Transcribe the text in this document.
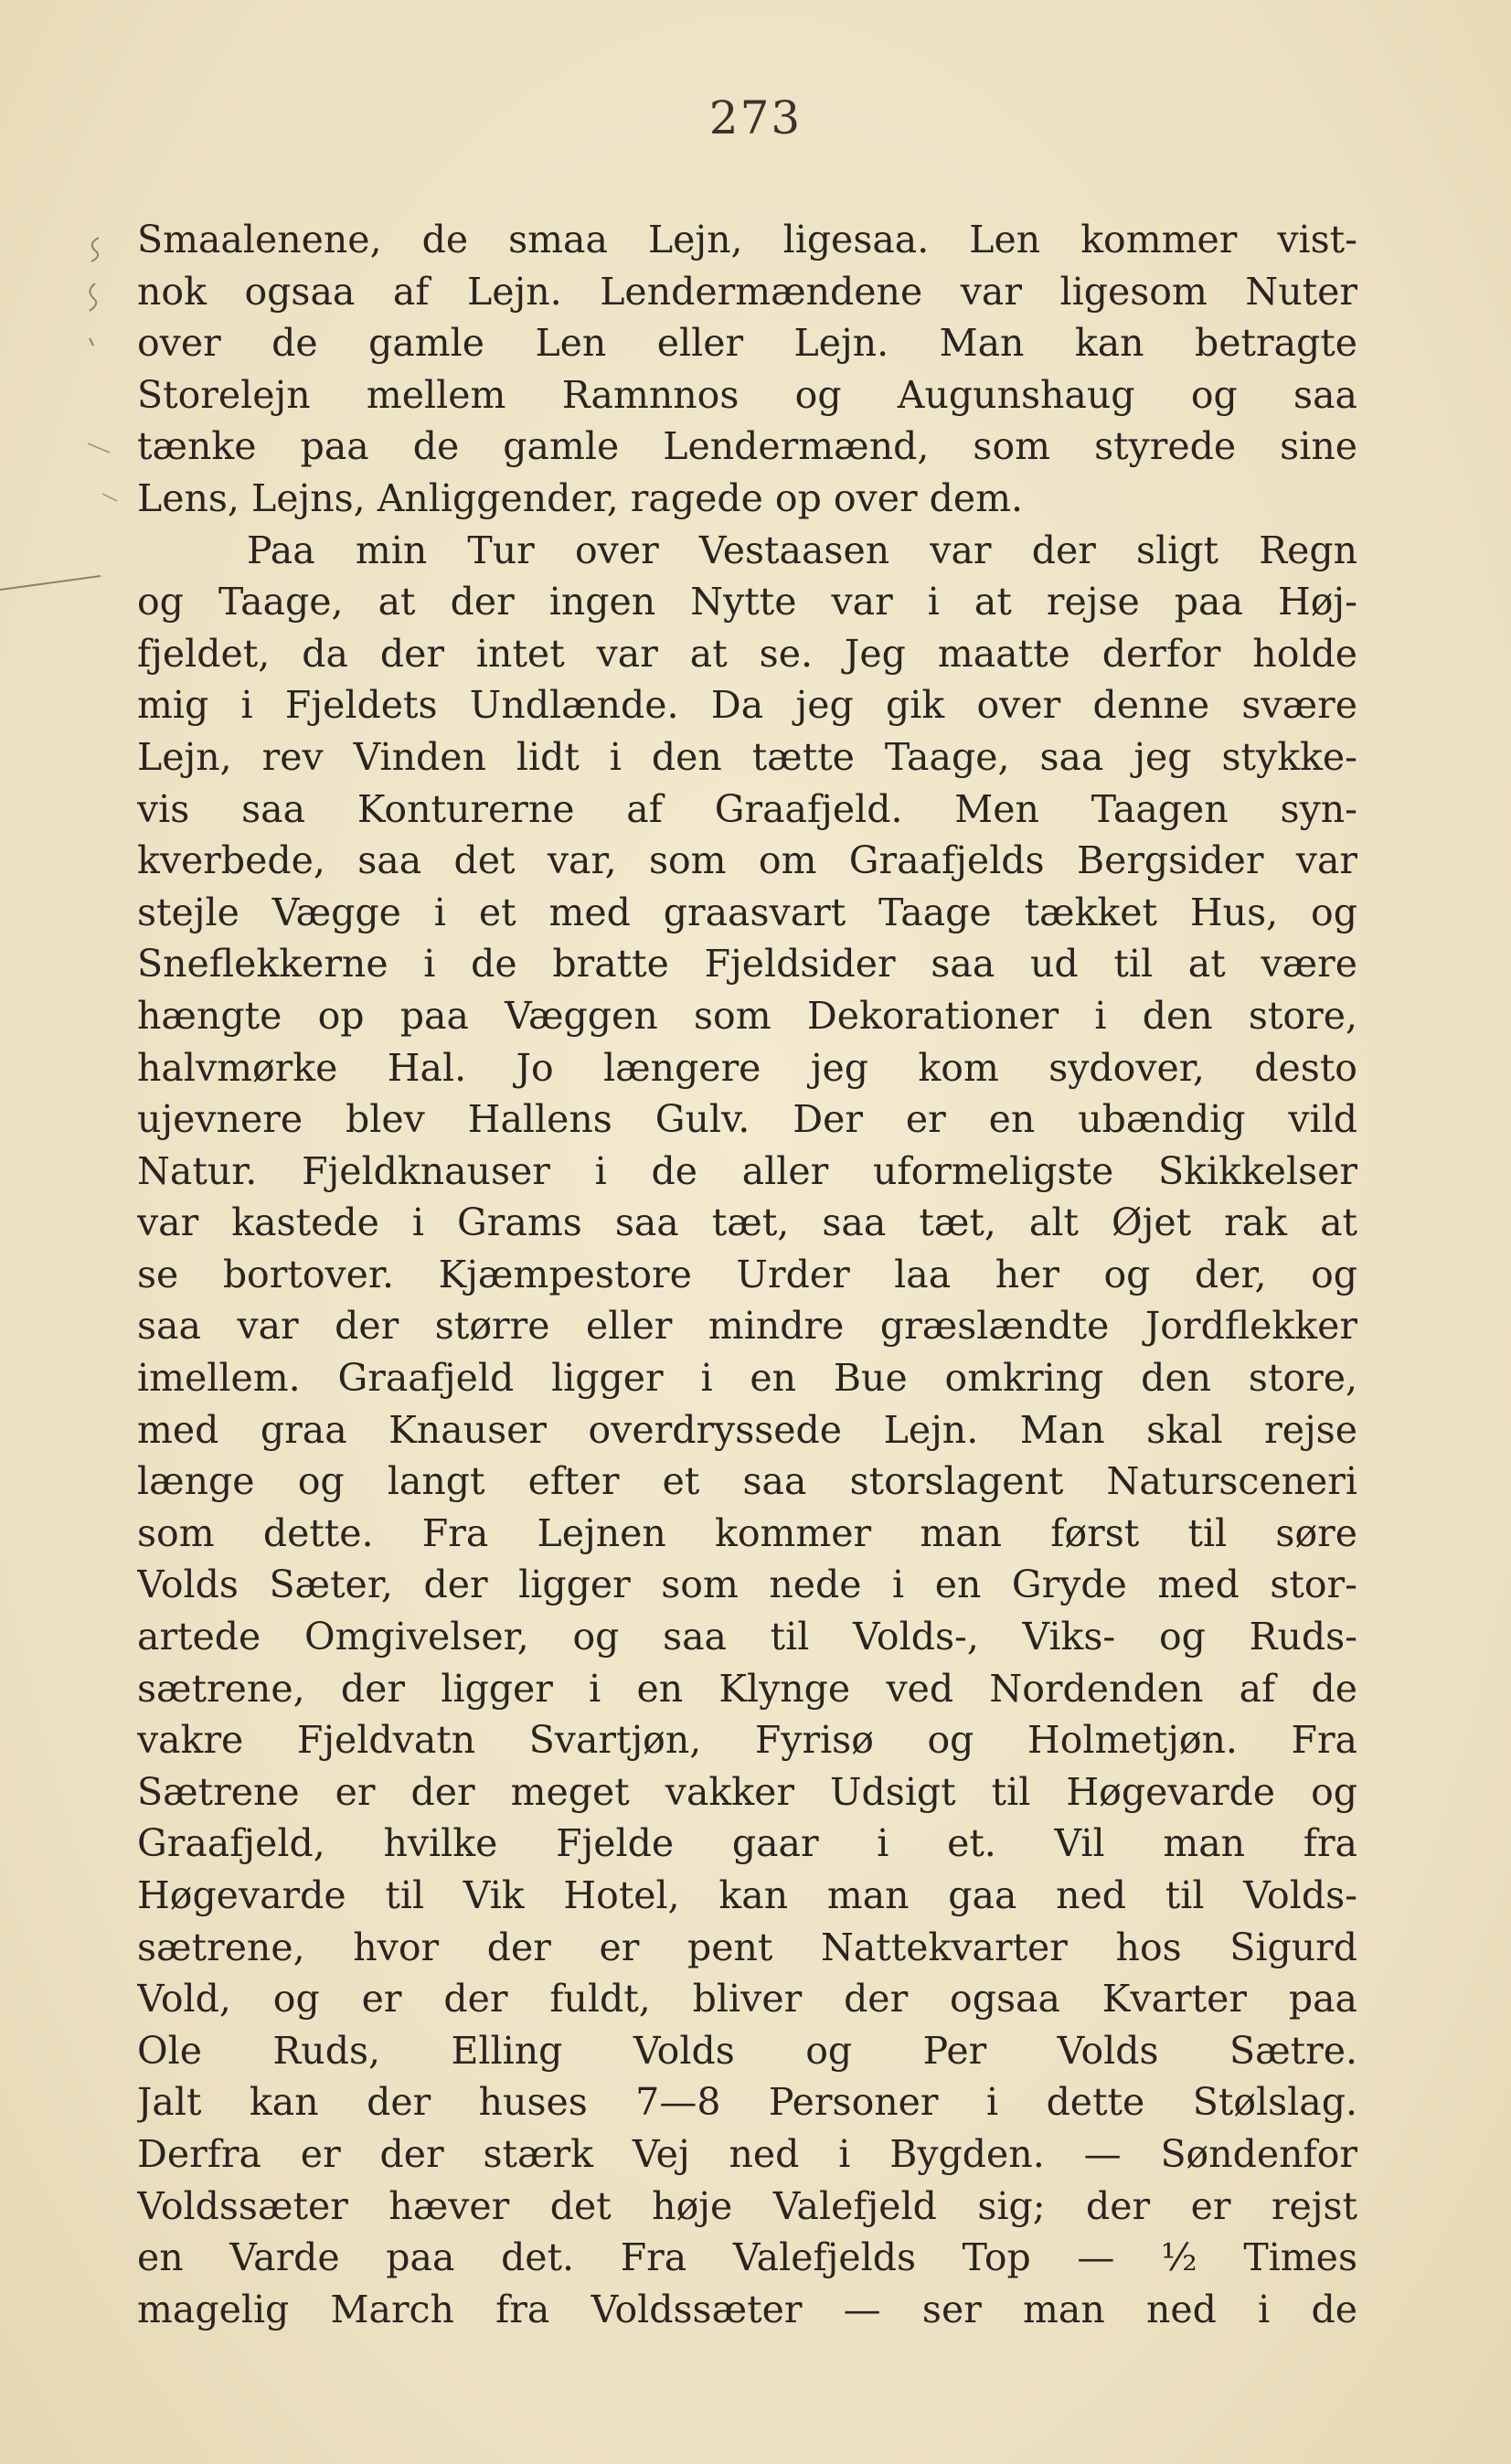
273
Smaalenene, de smaa Lejn, ligesaa. Len kommer vist-
nok ogsaa af Lejn. Lendermændene var ligesom Nuter
over de gamle Len eller Lejn. Man kan betragte
Storelejn mellem Ramnnos og Augunshaug og saa
tænke paa de gamle Lendermænd, som styrede sine
Lens, Lejns, Anliggender, ragede op over dem.
Paa min Tur over Vestaasen var der sligt Regn
og Taage, at der ingen Nytte var i at rejse paa Høj-
fjeldet, da der intet var at se. Jeg maatte derfor holde
mig i Fjeldets Undlænde. Da jeg gik over denne svære
Lejn, rev Vinden lidt i den tætte Taage, saa jeg stykke-
vis saa Konturerne af Graafjeld. Men Taagen syn-
kverbede, saa det var, som om Graafjelds Bergsider var
stejle Vægge i et med graasvart Taage tækket Hus, og
Sneflekkerne i de bratte Fjeldsider saa ud til at være
hængte op paa Væggen som Dekorationer i den store,
halvmørke Hal. Jo længere jeg kom sydover, desto
ujevnere blev Hallens Gulv. Der er en ubændig vild
Natur. Fjeldknauser i de aller uformeligste Skikkelser
var kastede i Grams saa tæt, saa tæt, alt Øjet rak at
se bortover. Kjæmpestore Urder laa her og der, og
saa var der større eller mindre græslændte Jordflekker
imellem. Graafjeld ligger i en Bue omkring den store,
med graa Knauser overdryssede Lejn. Man skal rejse
længe og langt efter et saa storslagent Natursceneri
som dette. Fra Lejnen kommer man først til søre
Volds Sæter, der ligger som nede i en Gryde med stor-
artede Omgivelser, og saa til Volds-, Viks- og Ruds-
sætrene, der ligger i en Klynge ved Nordenden af de
vakre Fjeldvatn Svartjøn, Fyrisø og Holmetjøn. Fra
Sætrene er der meget vakker Udsigt til Høgevarde og
Graafjeld, hvilke Fjelde gaar i et. Vil man fra
Høgevarde til Vik Hotel, kan man gaa ned til Volds-
sætrene, hvor der er pent Nattekvarter hos Sigurd
Vold, og er der fuldt, bliver der ogsaa Kvarter paa
Ole Ruds, Elling Volds og Per Volds Sætre.
Jalt kan der huses 7—8 Personer i dette Stølslag.
Derfra er der stærk Vej ned i Bygden. — Søndenfor
Voldssæter hæver det høje Valefjeld sig; der er rejst
en Varde paa det. Fra Valefjelds Top — ½ Times
magelig March fra Voldssæter — ser man ned i de
